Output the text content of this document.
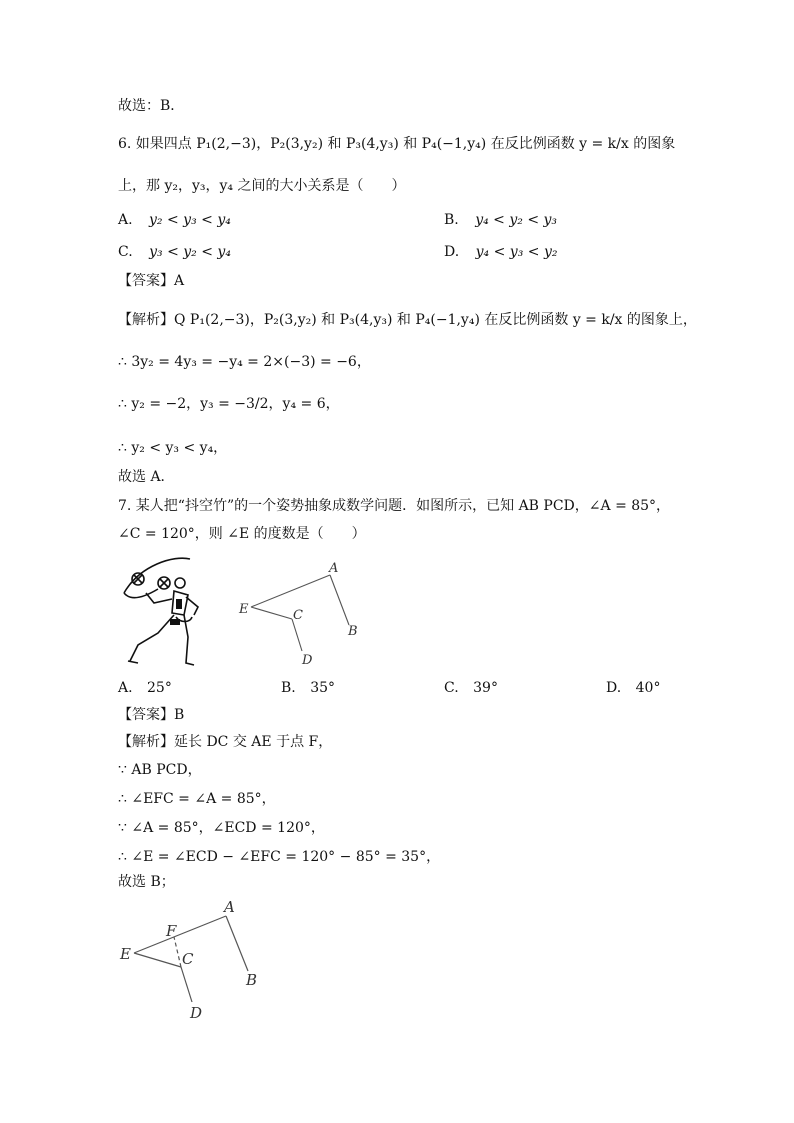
故选：B．
6. 如果四点 P₁(2,−3)，P₂(3,y₂) 和 P₃(4,y₃) 和 P₄(−1,y₄) 在反比例函数 y = k/x 的图象
上，那 y₂，y₃，y₄ 之间的大小关系是（　　）
A. y₂ < y₃ < y₄	B. y₄ < y₂ < y₃
C. y₃ < y₂ < y₄	D. y₄ < y₃ < y₂
【答案】A
【解析】Q P₁(2,−3)，P₂(3,y₂) 和 P₃(4,y₃) 和 P₄(−1,y₄) 在反比例函数 y = k/x 的图象上，
∴ 3y₂ = 4y₃ = −y₄ = 2×(−3) = −6，
∴ y₂ = −2，y₃ = −3/2，y₄ = 6，
∴ y₂ < y₃ < y₄，
故选 A．
7. 某人把“抖空竹”的一个姿势抽象成数学问题．如图所示，已知 AB PCD，∠A = 85°，
∠C = 120°，则 ∠E 的度数是（　　）
A
B
C
D
E
A. 25°	B. 35°	C. 39°	D. 40°
【答案】B
【解析】延长 DC 交 AE 于点 F，
∵ AB PCD，
∴ ∠EFC = ∠A = 85°，
∵ ∠A = 85°，∠ECD = 120°，
∴ ∠E = ∠ECD − ∠EFC = 120° − 85° = 35°，
故选 B；
A
B
C
D
E
F
